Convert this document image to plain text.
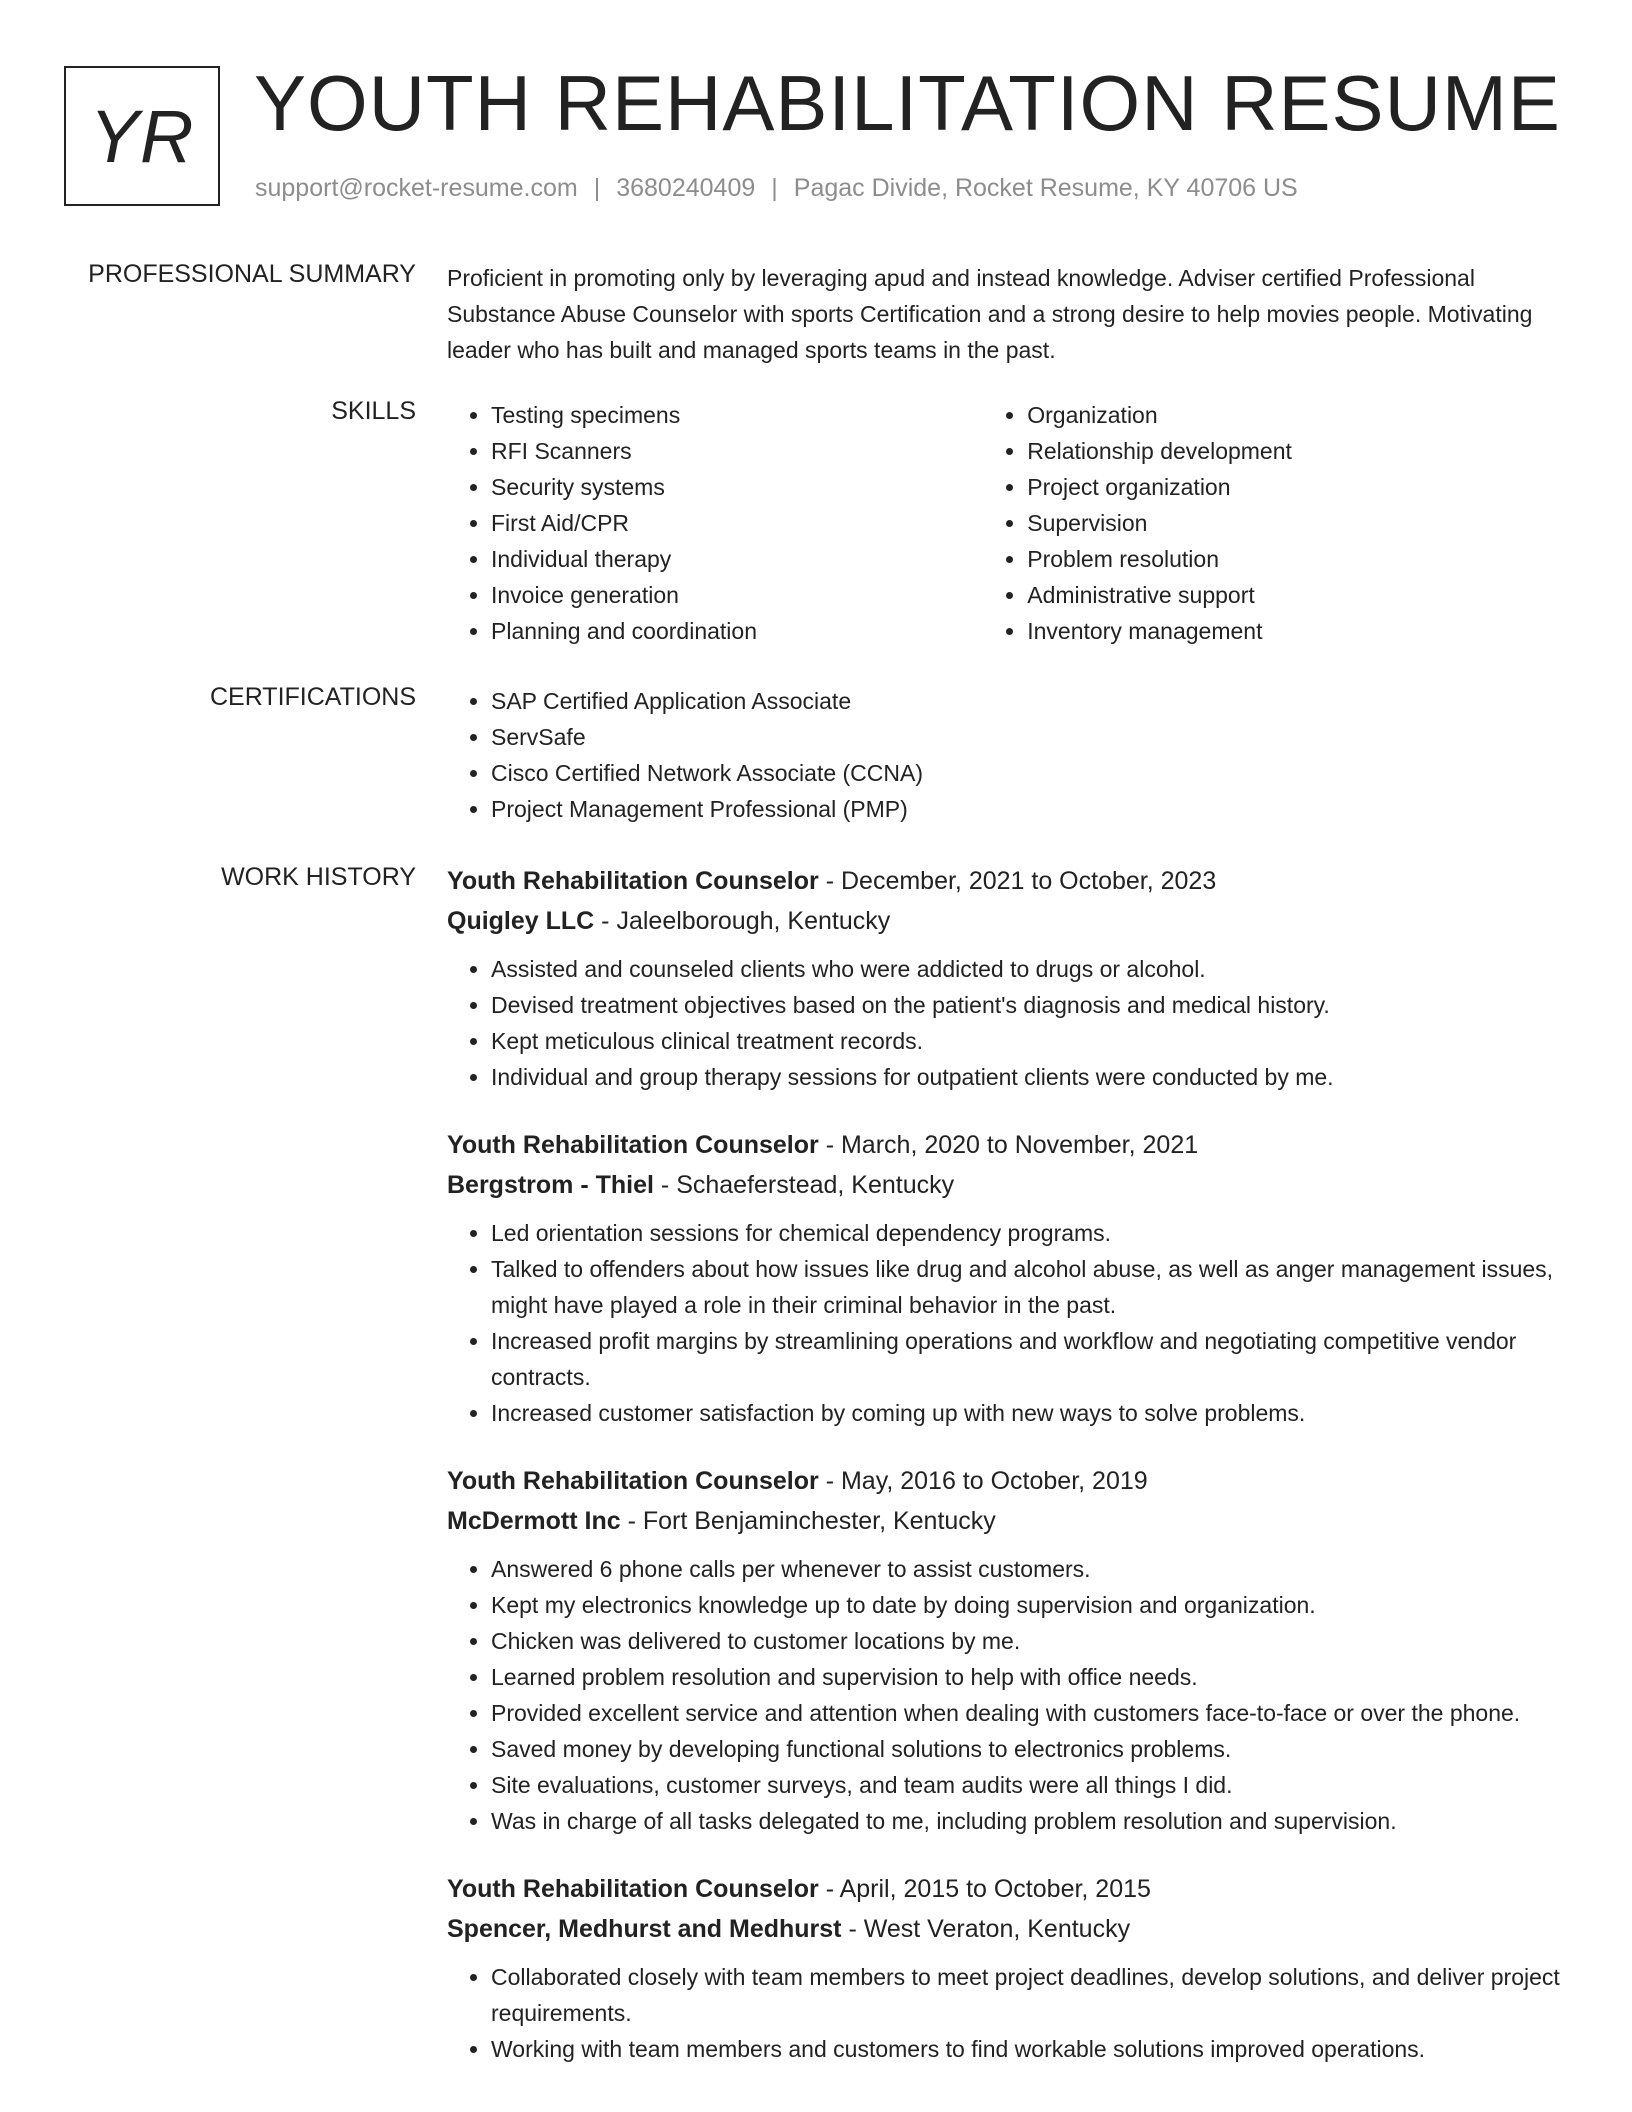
YR YOUTH REHABILITATION RESUME
support@rocket-resume.com | 3680240409 | Pagac Divide, Rocket Resume, KY 40706 US
PROFESSIONAL SUMMARY Proficient in promoting only by leveraging apud and instead knowledge. Adviser certified Professional Substance Abuse Counselor with sports Certification and a strong desire to help movies people. Motivating leader who has built and managed sports teams in the past.

SKILLS	• Testing specimens
• RFI Scanners
• Security systems
• First Aid/CPR
• Individual therapy
• Invoice generation
• Planning and coordination
• Organization
• Relationship development
• Project organization
• Supervision
• Problem resolution
• Administrative support
• Inventory management
CERTIFICATIONS	• SAP Certified Application Associate
• ServSafe
• Cisco Certified Network Associate (CCNA)
• Project Management Professional (PMP)
WORK HISTORY Youth Rehabilitation Counselor - December, 2021 to October, 2023
Quigley LLC - Jaleelborough, Kentucky
• Assisted and counseled clients who were addicted to drugs or alcohol.
• Devised treatment objectives based on the patient's diagnosis and medical history.
• Kept meticulous clinical treatment records.
• Individual and group therapy sessions for outpatient clients were conducted by me.
Youth Rehabilitation Counselor - March, 2020 to November, 2021
Bergstrom - Thiel - Schaeferstead, Kentucky
• Led orientation sessions for chemical dependency programs.
• Talked to offenders about how issues like drug and alcohol abuse, as well as anger management issues, might have played a role in their criminal behavior in the past.
• Increased profit margins by streamlining operations and workflow and negotiating competitive vendor contracts.
• Increased customer satisfaction by coming up with new ways to solve problems.
Youth Rehabilitation Counselor - May, 2016 to October, 2019
McDermott Inc - Fort Benjaminchester, Kentucky
• Answered 6 phone calls per whenever to assist customers.
• Kept my electronics knowledge up to date by doing supervision and organization.
• Chicken was delivered to customer locations by me.
• Learned problem resolution and supervision to help with office needs.
• Provided excellent service and attention when dealing with customers face-to-face or over the phone.
• Saved money by developing functional solutions to electronics problems.
• Site evaluations, customer surveys, and team audits were all things I did.
• Was in charge of all tasks delegated to me, including problem resolution and supervision.
Youth Rehabilitation Counselor - April, 2015 to October, 2015
Spencer, Medhurst and Medhurst - West Veraton, Kentucky
• Collaborated closely with team members to meet project deadlines, develop solutions, and deliver project requirements.
• Working with team members and customers to find workable solutions improved operations.
